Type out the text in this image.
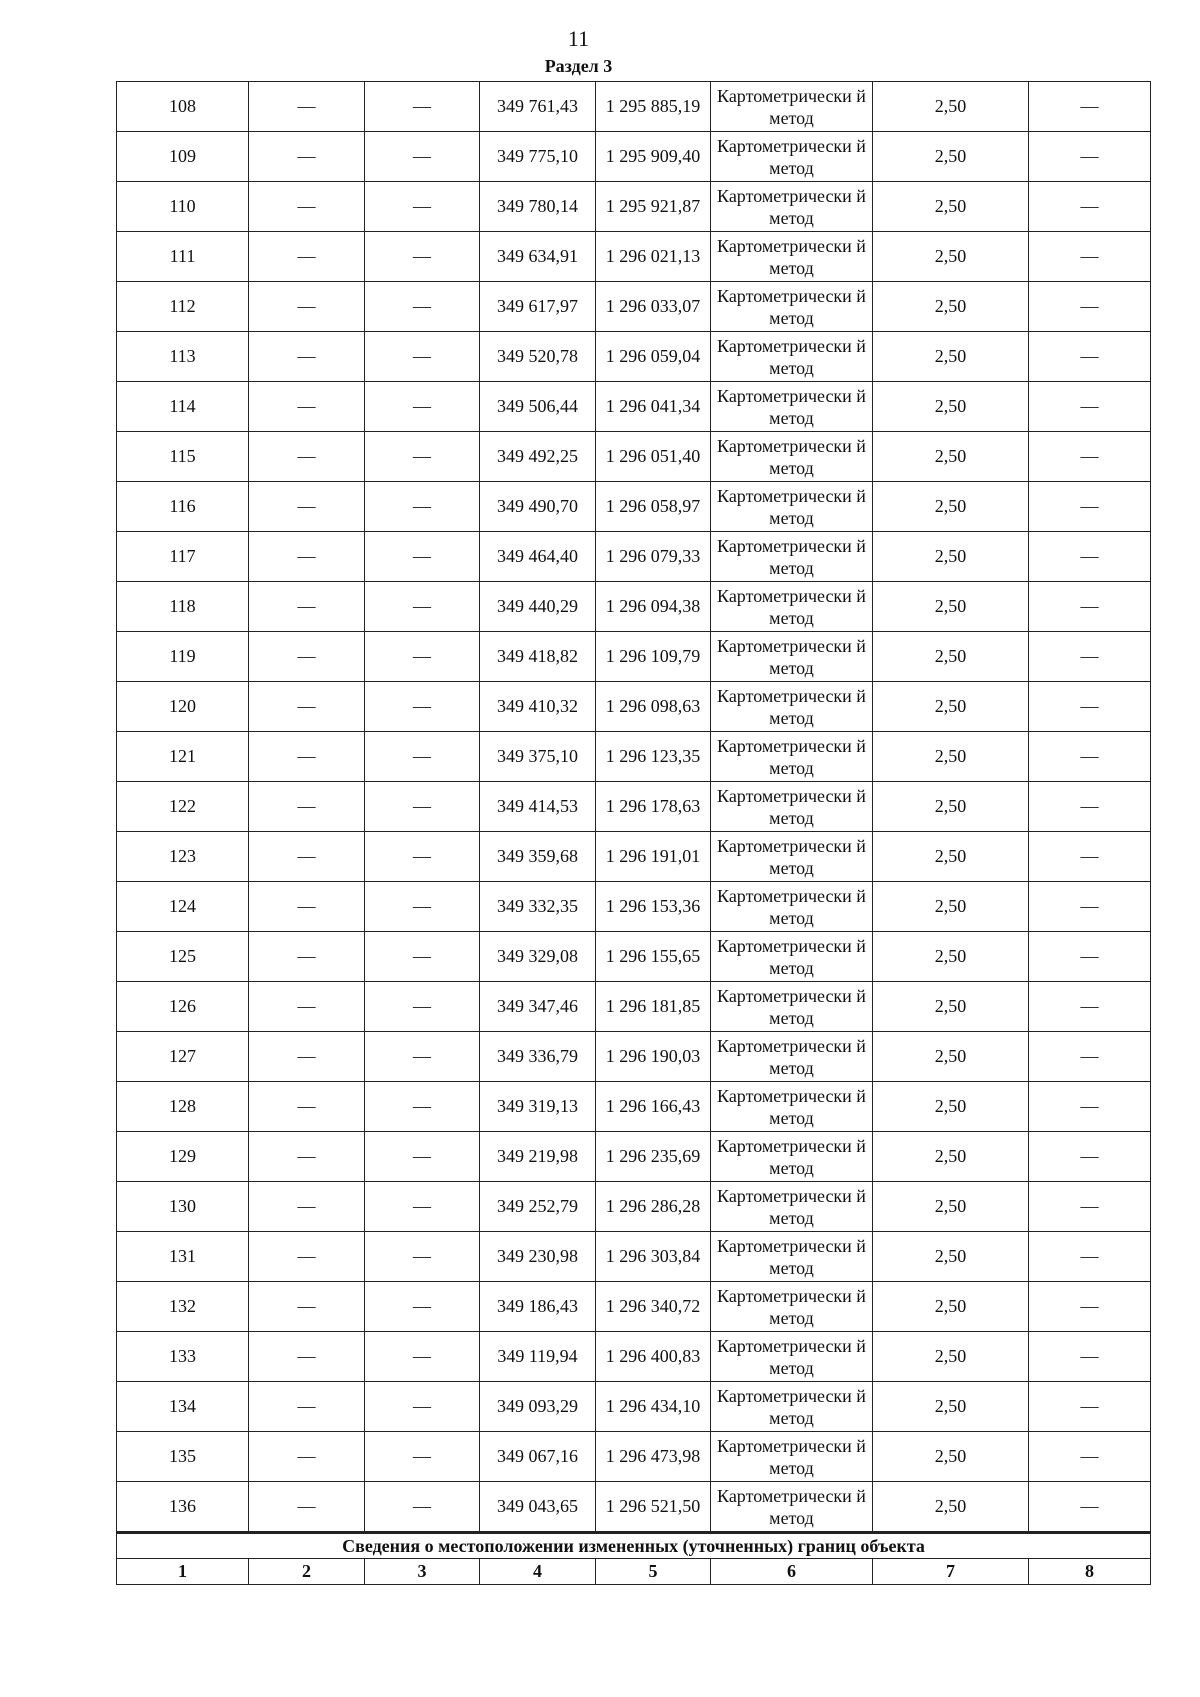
11
Раздел 3
108	—	—	349 761,43	1 295 885,19	Картометрически й метод	2,50	—
109	—	—	349 775,10	1 295 909,40	Картометрически й метод	2,50	—
110	—	—	349 780,14	1 295 921,87	Картометрически й метод	2,50	—
111	—	—	349 634,91	1 296 021,13	Картометрически й метод	2,50	—
112	—	—	349 617,97	1 296 033,07	Картометрически й метод	2,50	—
113	—	—	349 520,78	1 296 059,04	Картометрически й метод	2,50	—
114	—	—	349 506,44	1 296 041,34	Картометрически й метод	2,50	—
115	—	—	349 492,25	1 296 051,40	Картометрически й метод	2,50	—
116	—	—	349 490,70	1 296 058,97	Картометрически й метод	2,50	—
117	—	—	349 464,40	1 296 079,33	Картометрически й метод	2,50	—
118	—	—	349 440,29	1 296 094,38	Картометрически й метод	2,50	—
119	—	—	349 418,82	1 296 109,79	Картометрически й метод	2,50	—
120	—	—	349 410,32	1 296 098,63	Картометрически й метод	2,50	—
121	—	—	349 375,10	1 296 123,35	Картометрически й метод	2,50	—
122	—	—	349 414,53	1 296 178,63	Картометрически й метод	2,50	—
123	—	—	349 359,68	1 296 191,01	Картометрически й метод	2,50	—
124	—	—	349 332,35	1 296 153,36	Картометрически й метод	2,50	—
125	—	—	349 329,08	1 296 155,65	Картометрически й метод	2,50	—
126	—	—	349 347,46	1 296 181,85	Картометрически й метод	2,50	—
127	—	—	349 336,79	1 296 190,03	Картометрически й метод	2,50	—
128	—	—	349 319,13	1 296 166,43	Картометрически й метод	2,50	—
129	—	—	349 219,98	1 296 235,69	Картометрически й метод	2,50	—
130	—	—	349 252,79	1 296 286,28	Картометрически й метод	2,50	—
131	—	—	349 230,98	1 296 303,84	Картометрически й метод	2,50	—
132	—	—	349 186,43	1 296 340,72	Картометрически й метод	2,50	—
133	—	—	349 119,94	1 296 400,83	Картометрически й метод	2,50	—
134	—	—	349 093,29	1 296 434,10	Картометрически й метод	2,50	—
135	—	—	349 067,16	1 296 473,98	Картометрически й метод	2,50	—
136	—	—	349 043,65	1 296 521,50	Картометрически й метод	2,50	—
Сведения о местоположении измененных (уточненных) границ объекта							
1	2	3	4	5	6	7	8
